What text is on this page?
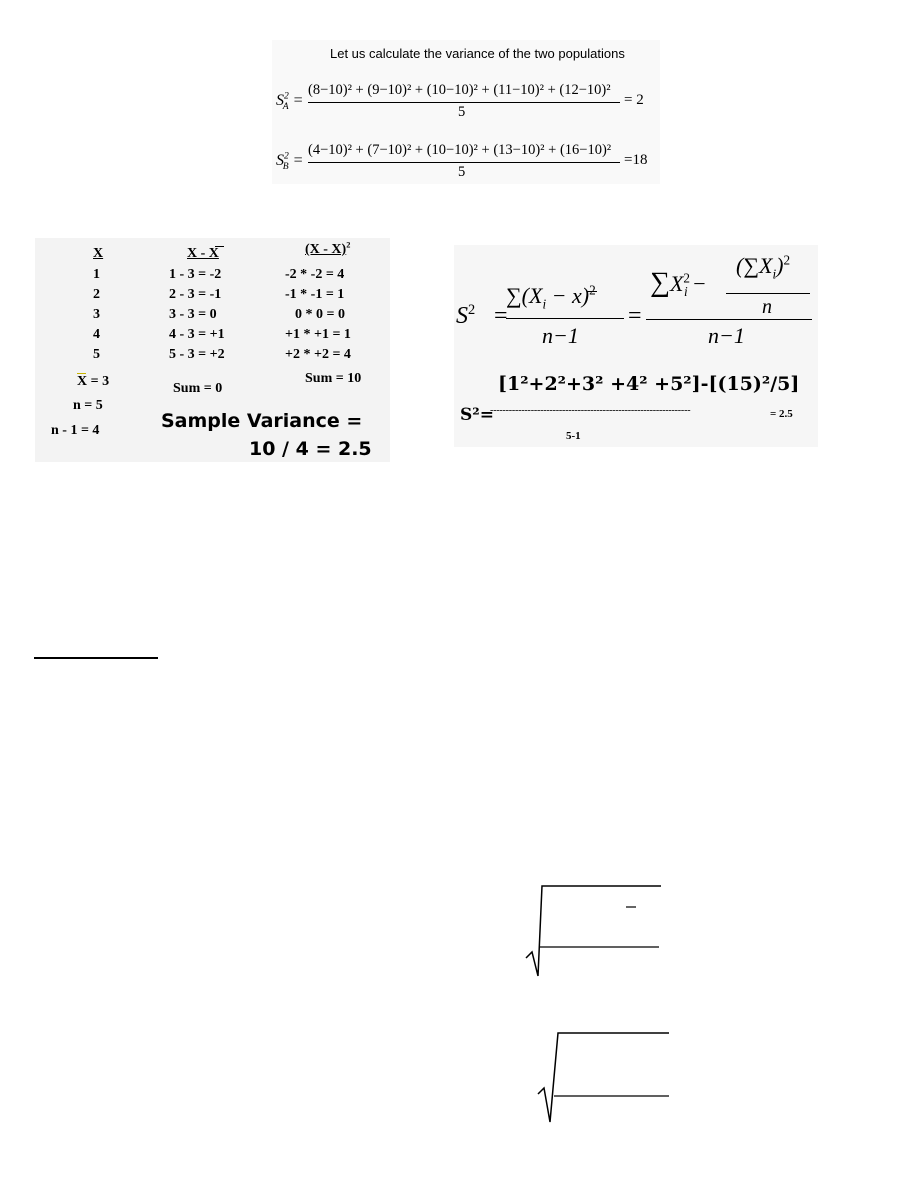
Let us calculate the variance of the two populations
$S^2_A$ =
(8−10)² + (9−10)² + (10−10)² + (11−10)² + (12−10)²
5
= 2
$S^2_B$ =
(4−10)² + (7−10)² + (10−10)² + (13−10)² + (16−10)²
5
=18
X	X - X	(X - X)$^2$
1	1 - 3 = -2	-2 * -2 = 4
2	2 - 3 = -1	-1 * -1 = 1
3	3 - 3 = 0	0 * 0 = 0
4	4 - 3 = +1	+1 * +1 = 1
5	5 - 3 = +2	+2 * +2 = 4
X = 3
n = 5
n - 1 = 4
Sum = 0
Sum = 10
Sample Variance =
10 / 4 = 2.5
$S^2$ =
$\sum(X_i - x)^2$
n−1
=
$\sum X^2_i$ −
$(\sum X_i)^2$
n
n−1
[1²+2²+3² +4² +5²]-[(15)²/5]
S²=
----------------------------------------------------------------	= 2.5
5-1
